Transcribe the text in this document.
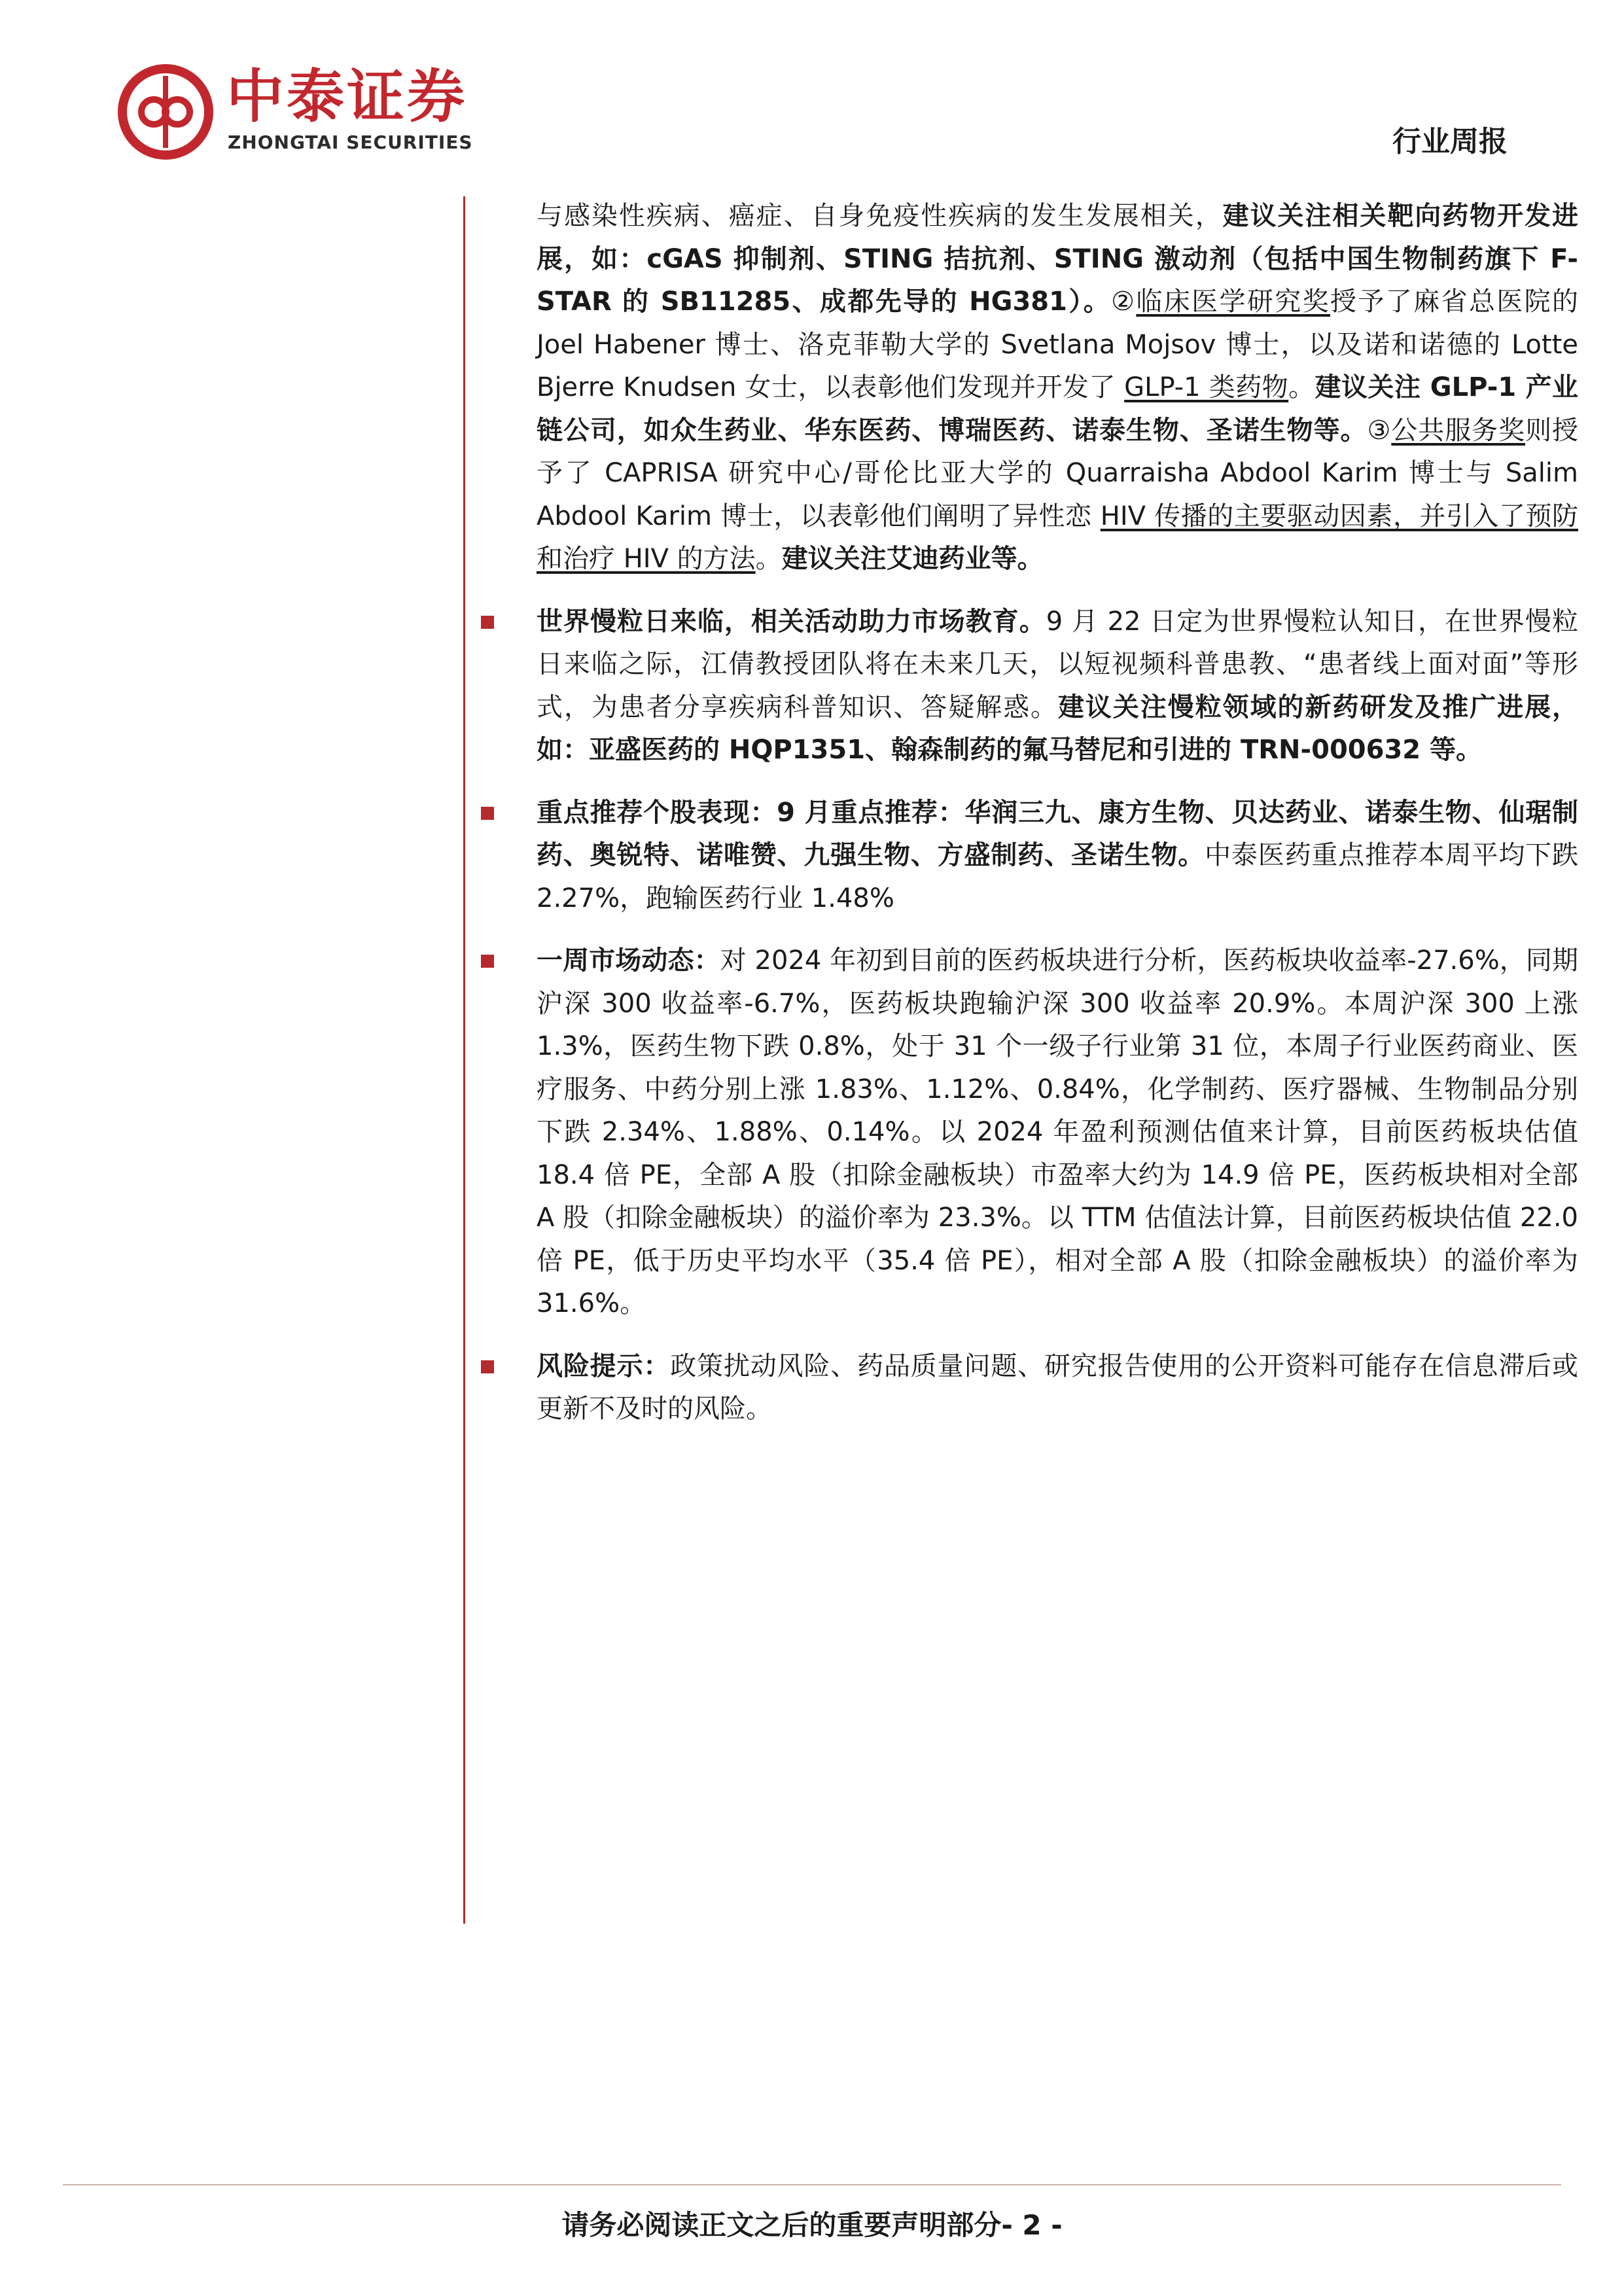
中泰证券
ZHONGTAI SECURITIES	行业周报

与感染性疾病、癌症、自身免疫性疾病的发生发展相关，建议关注相关靶向药物开发进展，如：cGAS 抑制剂、STING 拮抗剂、STING 激动剂（包括中国生物制药旗下 F-STAR 的 SB11285、成都先导的 HG381）。②临床医学研究奖授予了麻省总医院的 Joel Habener 博士、洛克菲勒大学的 Svetlana Mojsov 博士，以及诺和诺德的 Lotte Bjerre Knudsen 女士，以表彰他们发现并开发了 GLP-1 类药物。建议关注 GLP-1 产业链公司，如众生药业、华东医药、博瑞医药、诺泰生物、圣诺生物等。③公共服务奖则授予了 CAPRISA 研究中心/哥伦比亚大学的 Quarraisha Abdool Karim 博士与 Salim Abdool Karim 博士，以表彰他们阐明了异性恋 HIV 传播的主要驱动因素，并引入了预防和治疗 HIV 的方法。建议关注艾迪药业等。

世界慢粒日来临，相关活动助力市场教育。9 月 22 日定为世界慢粒认知日，在世界慢粒日来临之际，江倩教授团队将在未来几天，以短视频科普患教、“患者线上面对面”等形式，为患者分享疾病科普知识、答疑解惑。建议关注慢粒领域的新药研发及推广进展，如：亚盛医药的 HQP1351、翰森制药的氟马替尼和引进的 TRN-000632 等。

重点推荐个股表现：9 月重点推荐：华润三九、康方生物、贝达药业、诺泰生物、仙琚制药、奥锐特、诺唯赞、九强生物、方盛制药、圣诺生物。中泰医药重点推荐本周平均下跌 2.27%，跑输医药行业 1.48%

一周市场动态：对 2024 年初到目前的医药板块进行分析，医药板块收益率-27.6%，同期沪深 300 收益率-6.7%，医药板块跑输沪深 300 收益率 20.9%。本周沪深 300 上涨 1.3%，医药生物下跌 0.8%，处于 31 个一级子行业第 31 位，本周子行业医药商业、医疗服务、中药分别上涨 1.83%、1.12%、0.84%，化学制药、医疗器械、生物制品分别下跌 2.34%、1.88%、0.14%。以 2024 年盈利预测估值来计算，目前医药板块估值 18.4 倍 PE，全部 A 股（扣除金融板块）市盈率大约为 14.9 倍 PE，医药板块相对全部 A 股（扣除金融板块）的溢价率为 23.3%。以 TTM 估值法计算，目前医药板块估值 22.0 倍 PE，低于历史平均水平（35.4 倍 PE），相对全部 A 股（扣除金融板块）的溢价率为 31.6%。

风险提示：政策扰动风险、药品质量问题、研究报告使用的公开资料可能存在信息滞后或更新不及时的风险。

请务必阅读正文之后的重要声明部分- 2 -
